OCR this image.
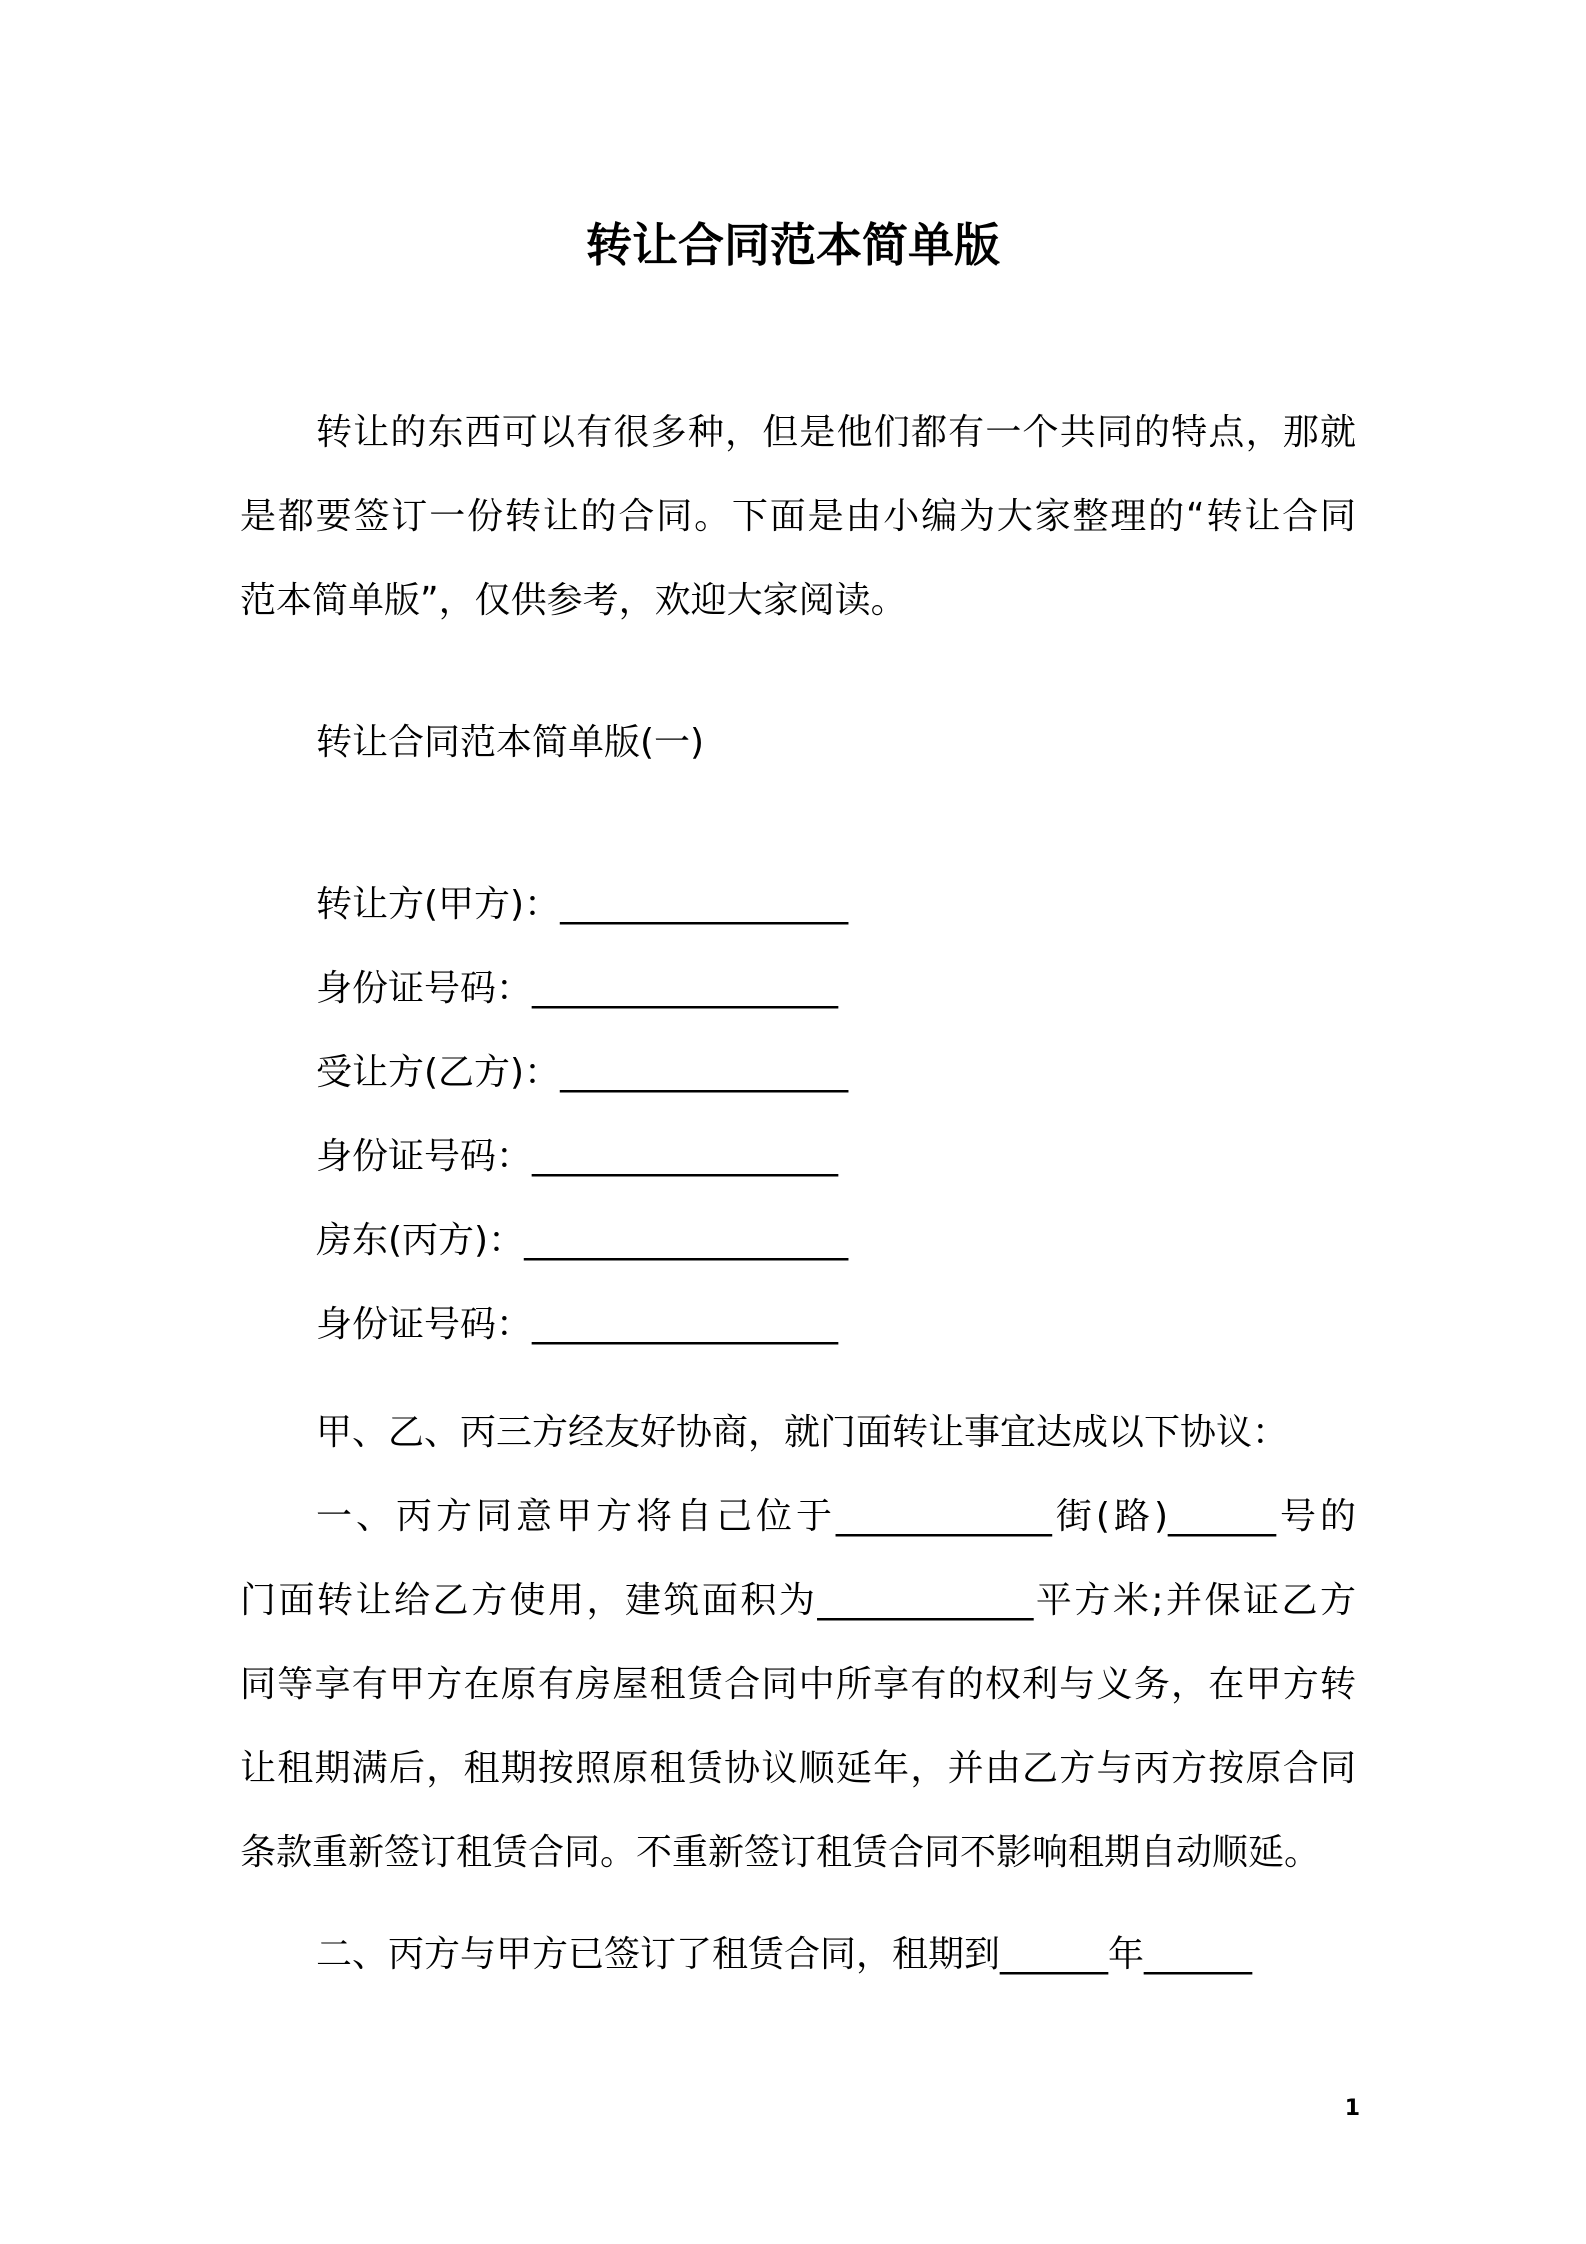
转让合同范本简单版
转让的东西可以有很多种，但是他们都有一个共同的特点，那就
是都要签订一份转让的合同。下面是由小编为大家整理的“转让合同
范本简单版”，仅供参考，欢迎大家阅读。
转让合同范本简单版(一)
转让方(甲方)：________________
身份证号码：_________________
受让方(乙方)：________________
身份证号码：_________________
房东(丙方)：__________________
身份证号码：_________________
甲、乙、丙三方经友好协商，就门面转让事宜达成以下协议：
一、丙方同意甲方将自己位于____________街(路)______号的
门面转让给乙方使用，建筑面积为____________平方米;并保证乙方
同等享有甲方在原有房屋租赁合同中所享有的权利与义务，在甲方转
让租期满后，租期按照原租赁协议顺延年，并由乙方与丙方按原合同
条款重新签订租赁合同。不重新签订租赁合同不影响租期自动顺延。
二、丙方与甲方已签订了租赁合同，租期到______年______
1
